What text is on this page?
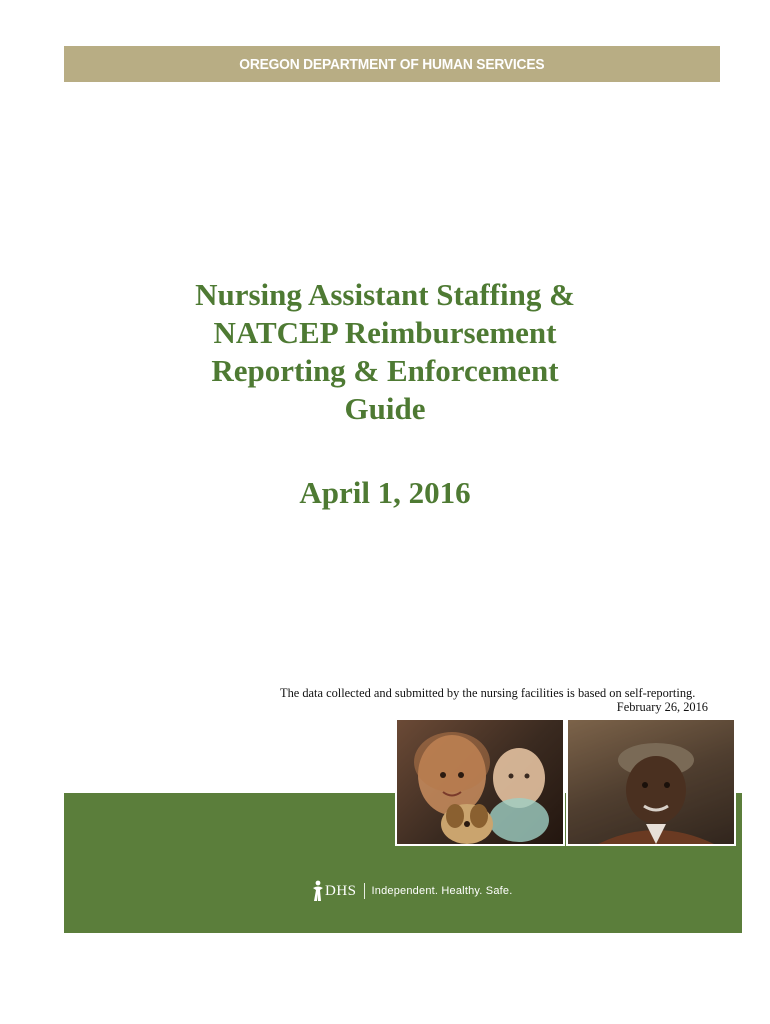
OREGON DEPARTMENT OF HUMAN SERVICES
Nursing Assistant Staffing &
NATCEP Reimbursement
Reporting & Enforcement
Guide
April 1, 2016
The data collected and submitted by the nursing facilities is based on self-reporting.
February 26, 2016
DHS Independent. Healthy. Safe.
